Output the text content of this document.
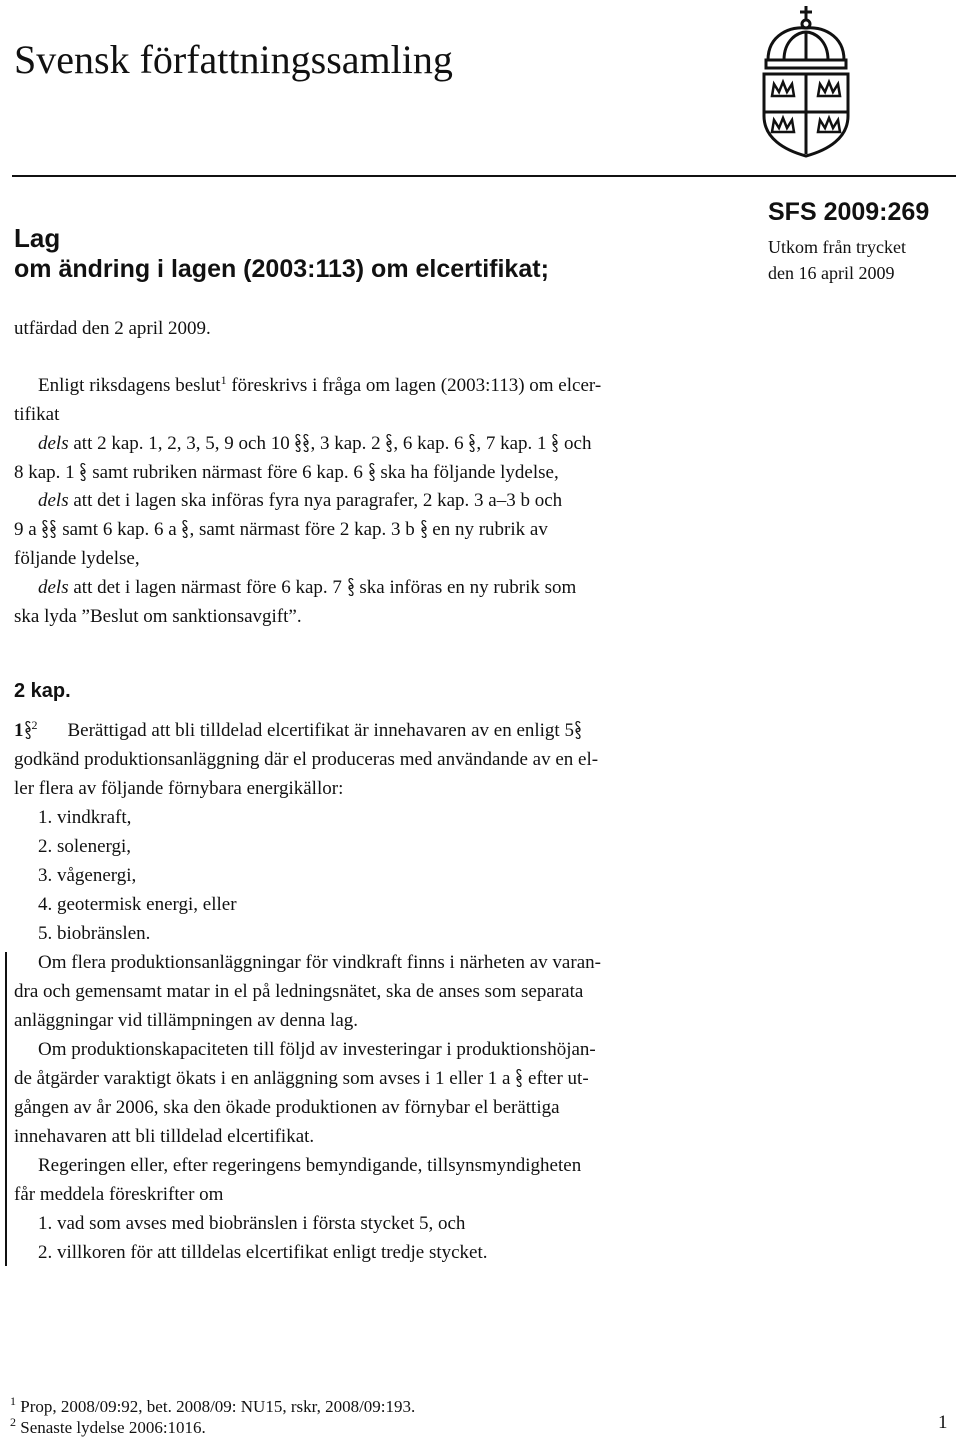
Svensk författningssamling
SFS 2009:269
Utkom från trycket
den 16 april 2009
Lag
om ändring i lagen (2003:113) om elcertifikat;
utfärdad den 2 april 2009.
Enligt riksdagens beslut$^1$ föreskrivs i fråga om lagen (2003:113) om elcer-
tifikat
dels att 2 kap. 1, 2, 3, 5, 9 och 10
, 3 kap. 2
, 6 kap. 6
, 7 kap. 1
och
8 kap. 1
samt rubriken närmast före 6 kap. 6
ska ha följande lydelse,
dels att det i lagen ska införas fyra nya paragrafer, 2 kap. 3 a–3 b och
9 a
samt 6 kap. 6 a
, samt närmast före 2 kap. 3 b
en ny rubrik av
följande lydelse,
dels att det i lagen närmast före 6 kap. 7
ska införas en ny rubrik som
ska lyda ”Beslut om sanktionsavgift”.
2 kap.
1 $^2$ Berättigad att bli tilldelad elcertifikat är innehavaren av en enligt 5
godkänd produktionsanläggning där el produceras med användande av en el-
ler flera av följande förnybara energikällor:
1. vindkraft,
2. solenergi,
3. vågenergi,
4. geotermisk energi, eller
5. biobränslen.
Om flera produktionsanläggningar för vindkraft finns i närheten av varan-
dra och gemensamt matar in el på ledningsnätet, ska de anses som separata
anläggningar vid tillämpningen av denna lag.
Om produktionskapaciteten till följd av investeringar i produktionshöjan-
de åtgärder varaktigt ökats i en anläggning som avses i 1 eller 1 a
efter ut-
gången av år 2006, ska den ökade produktionen av förnybar el berättiga
innehavaren att bli tilldelad elcertifikat.
Regeringen eller, efter regeringens bemyndigande, tillsynsmyndigheten
får meddela föreskrifter om
1. vad som avses med biobränslen i första stycket 5, och
2. villkoren för att tilldelas elcertifikat enligt tredje stycket.
$^1$ Prop, 2008/09:92, bet. 2008/09: NU15, rskr, 2008/09:193.
$^2$ Senaste lydelse 2006:1016.	1
